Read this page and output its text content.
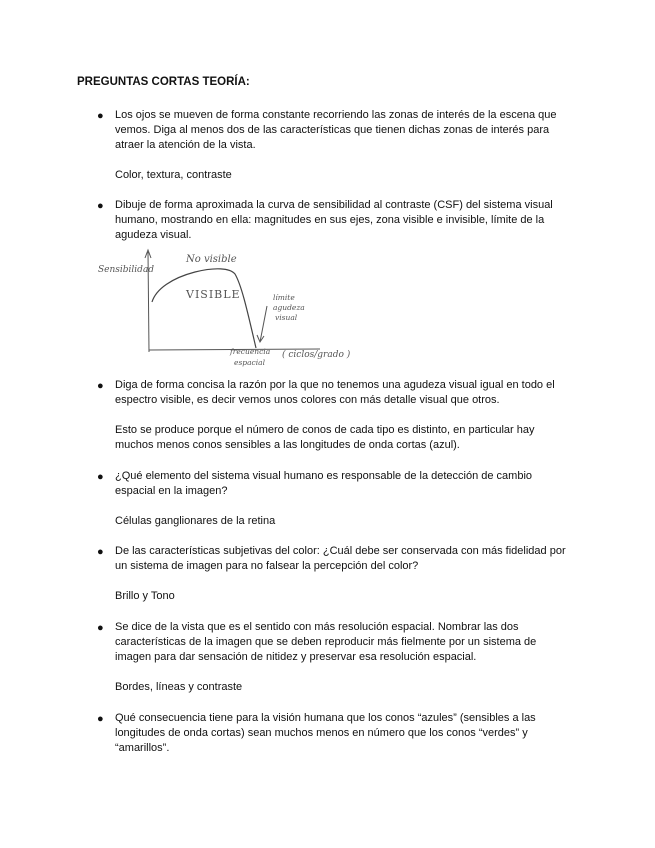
PREGUNTAS CORTAS TEORÍA:
● Los ojos se mueven de forma constante recorriendo las zonas de interés de la escena que vemos. Diga al menos dos de las características que tienen dichas zonas de interés para atraer la atención de la vista.
Color, textura, contraste
● Dibuje de forma aproximada la curva de sensibilidad al contraste (CSF) del sistema visual humano, mostrando en ella: magnitudes en sus ejes, zona visible e invisible, límite de la agudeza visual.
Sensibilidad
No visible
VISIBLE	límite
agudeza
visual
frecuencia
espacial
( ciclos/grado )
● Diga de forma concisa la razón por la que no tenemos una agudeza visual igual en todo el espectro visible, es decir vemos unos colores con más detalle visual que otros.
Esto se produce porque el número de conos de cada tipo es distinto, en particular hay muchos menos conos sensibles a las longitudes de onda cortas (azul).
● ¿Qué elemento del sistema visual humano es responsable de la detección de cambio espacial en la imagen?
Células ganglionares de la retina
● De las características subjetivas del color: ¿Cuál debe ser conservada con más fidelidad por un sistema de imagen para no falsear la percepción del color?
Brillo y Tono
● Se dice de la vista que es el sentido con más resolución espacial. Nombrar las dos características de la imagen que se deben reproducir más fielmente por un sistema de imagen para dar sensación de nitidez y preservar esa resolución espacial.
Bordes, líneas y contraste
● Qué consecuencia tiene para la visión humana que los conos “azules” (sensibles a las longitudes de onda cortas) sean muchos menos en número que los conos “verdes” y “amarillos”.
